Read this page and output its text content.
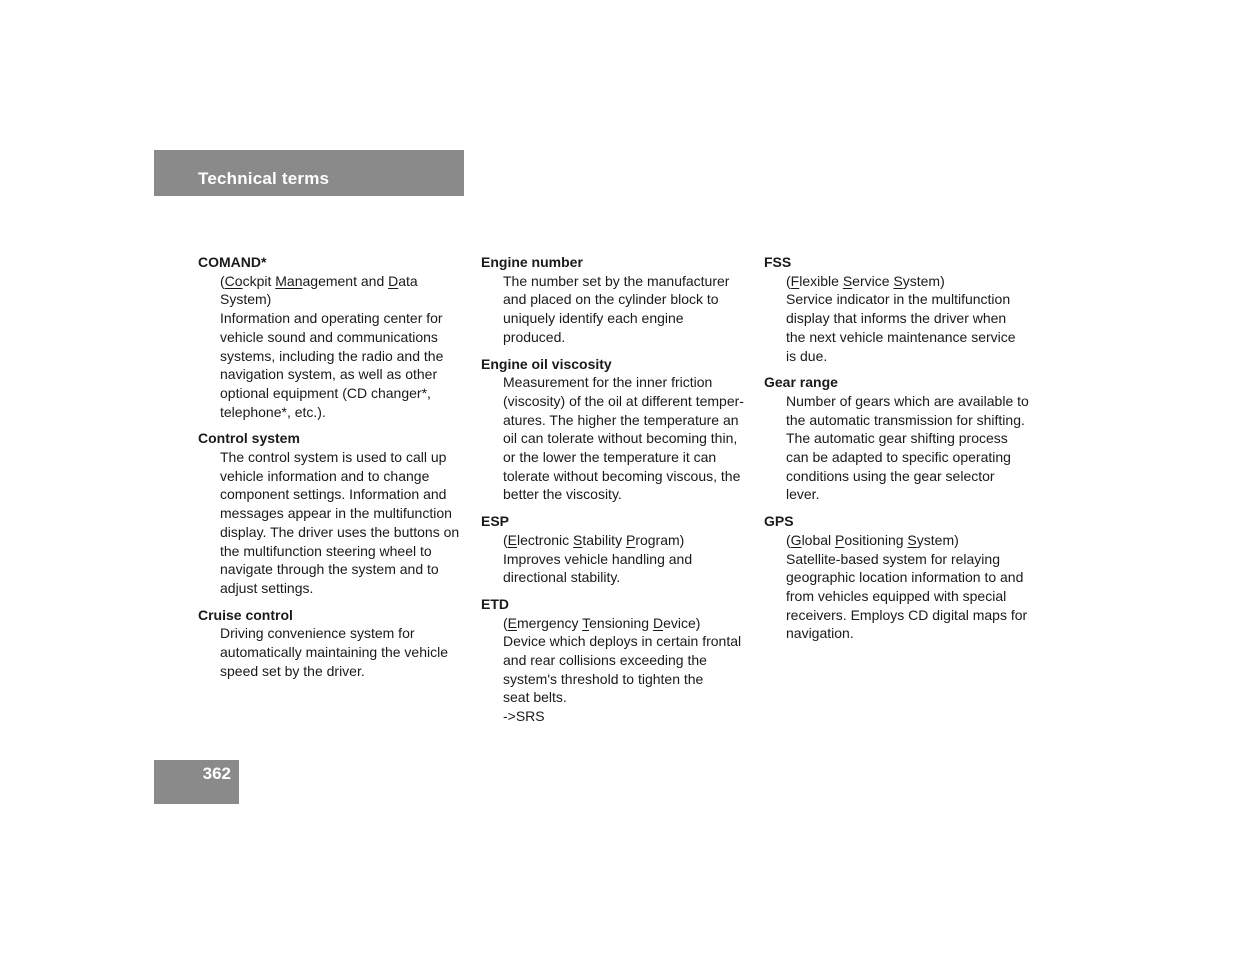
Technical terms
COMAND*
(Cockpit Management and Data
System)
Information and operating center for
vehicle sound and communications
systems, including the radio and the
navigation system, as well as other
optional equipment (CD changer*,
telephone*, etc.).
Control system
The control system is used to call up
vehicle information and to change
component settings. Information and
messages appear in the multifunction
display. The driver uses the buttons on
the multifunction steering wheel to
navigate through the system and to
adjust settings.
Cruise control
Driving convenience system for
automatically maintaining the vehicle
speed set by the driver.
Engine number
The number set by the manufacturer
and placed on the cylinder block to
uniquely identify each engine
produced.
Engine oil viscosity
Measurement for the inner friction
(viscosity) of the oil at different temper-
atures. The higher the temperature an
oil can tolerate without becoming thin,
or the lower the temperature it can
tolerate without becoming viscous, the
better the viscosity.
ESP
(Electronic Stability Program)
Improves vehicle handling and
directional stability.
ETD
(Emergency Tensioning Device)
Device which deploys in certain frontal
and rear collisions exceeding the
system's threshold to tighten the
seat belts.
->SRS
FSS
(Flexible Service System)
Service indicator in the multifunction
display that informs the driver when
the next vehicle maintenance service
is due.
Gear range
Number of gears which are available to
the automatic transmission for shifting.
The automatic gear shifting process
can be adapted to specific operating
conditions using the gear selector
lever.
GPS
(Global Positioning System)
Satellite-based system for relaying
geographic location information to and
from vehicles equipped with special
receivers. Employs CD digital maps for
navigation.
362
